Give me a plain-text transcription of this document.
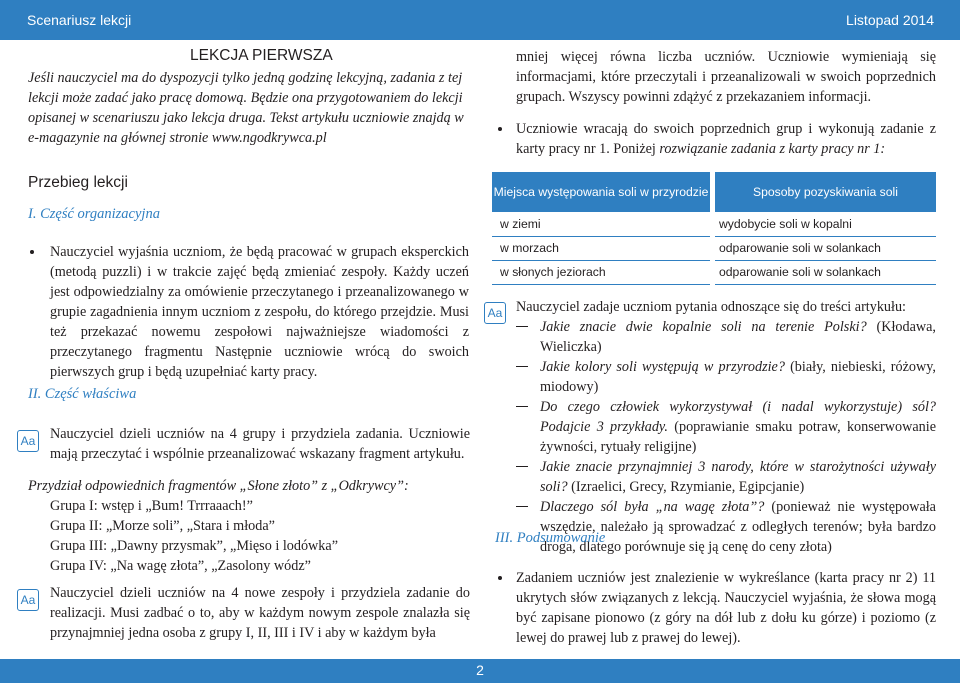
Scenariusz lekcji	Listopad 2014
LEKCJA PIERWSZA
Jeśli nauczyciel ma do dyspozycji tylko jedną godzinę lekcyjną, zadania z tej lekcji może zadać jako pracę domową. Będzie ona przygotowaniem do lekcji opisanej w scenariuszu jako lekcja druga. Tekst artykułu uczniowie znajdą w e-magazynie na głównej stronie www.ngodkrywca.pl
Przebieg lekcji
I. Część organizacyjna
Nauczyciel wyjaśnia uczniom, że będą pracować w grupach eksperckich (metodą puzzli) i w trakcie zajęć będą zmieniać zespoły. Każdy uczeń jest odpowiedzialny za omówienie przeczytanego i przeanalizowanego w grupie zagadnienia innym uczniom z zespołu, do którego przejdzie. Musi też przekazać nowemu zespołowi najważniejsze wiadomości z przeczytanego fragmentu Następnie uczniowie wrócą do swoich pierwszych grup i będą uzupełniać karty pracy.
II. Część właściwa
Aa Nauczyciel dzieli uczniów na 4 grupy i przydziela zadania. Uczniowie mają przeczytać i wspólnie przeanalizować wskazany fragment artykułu.
Przydział odpowiednich fragmentów „Słone złoto” z „Odkrywcy”:
Grupa I: wstęp i „Bum! Trrraaach!”
Grupa II: „Morze soli”, „Stara i młoda”
Grupa III: „Dawny przysmak”, „Mięso i lodówka”
Grupa IV: „Na wagę złota”, „Zasolony wódz”
Aa Nauczyciel dzieli uczniów na 4 nowe zespoły i przydziela zadanie do realizacji. Musi zadbać o to, aby w każdym nowym zespole znalazła się przynajmniej jedna osoba z grupy I, II, III i IV i aby w każdym była
mniej więcej równa liczba uczniów. Uczniowie wymieniają się informacjami, które przeczytali i przeanalizowali w swoich poprzednich grupach. Wszyscy powinni zdążyć z przekazaniem informacji.
Uczniowie wracają do swoich poprzednich grup i wykonują zadanie z karty pracy nr 1. Poniżej rozwiązanie zadania z karty pracy nr 1:
Miejsca występowania soli w przyrodzie		Sposoby pozyskiwania soli
w ziemi		wydobycie soli w kopalni
w morzach		odparowanie soli w solankach
w słonych jeziorach		odparowanie soli w solankach
Aa Nauczyciel zadaje uczniom pytania odnoszące się do treści artykułu:
Jakie znacie dwie kopalnie soli na terenie Polski? (Kłodawa, Wieliczka)
Jakie kolory soli występują w przyrodzie? (biały, niebieski, różowy, miodowy)
Do czego człowiek wykorzystywał (i nadal wykorzystuje) sól? Podajcie 3 przykłady. (poprawianie smaku potraw, konserwowanie żywności, rytuały religijne)
Jakie znacie przynajmniej 3 narody, które w starożytności używały soli? (Izraelici, Grecy, Rzymianie, Egipcjanie)
Dlaczego sól była „na wagę złota”? (ponieważ nie występowała wszędzie, należało ją sprowadzać z odległych terenów; była bardzo droga, dlatego porównuje się ją cenę do ceny złota)
III. Podsumowanie
Zadaniem uczniów jest znalezienie w wykreślance (karta pracy nr 2) 11 ukrytych słów związanych z lekcją. Nauczyciel wyjaśnia, że słowa mogą być zapisane pionowo (z góry na dół lub z dołu ku górze) i poziomo (z lewej do prawej lub z prawej do lewej).
2
